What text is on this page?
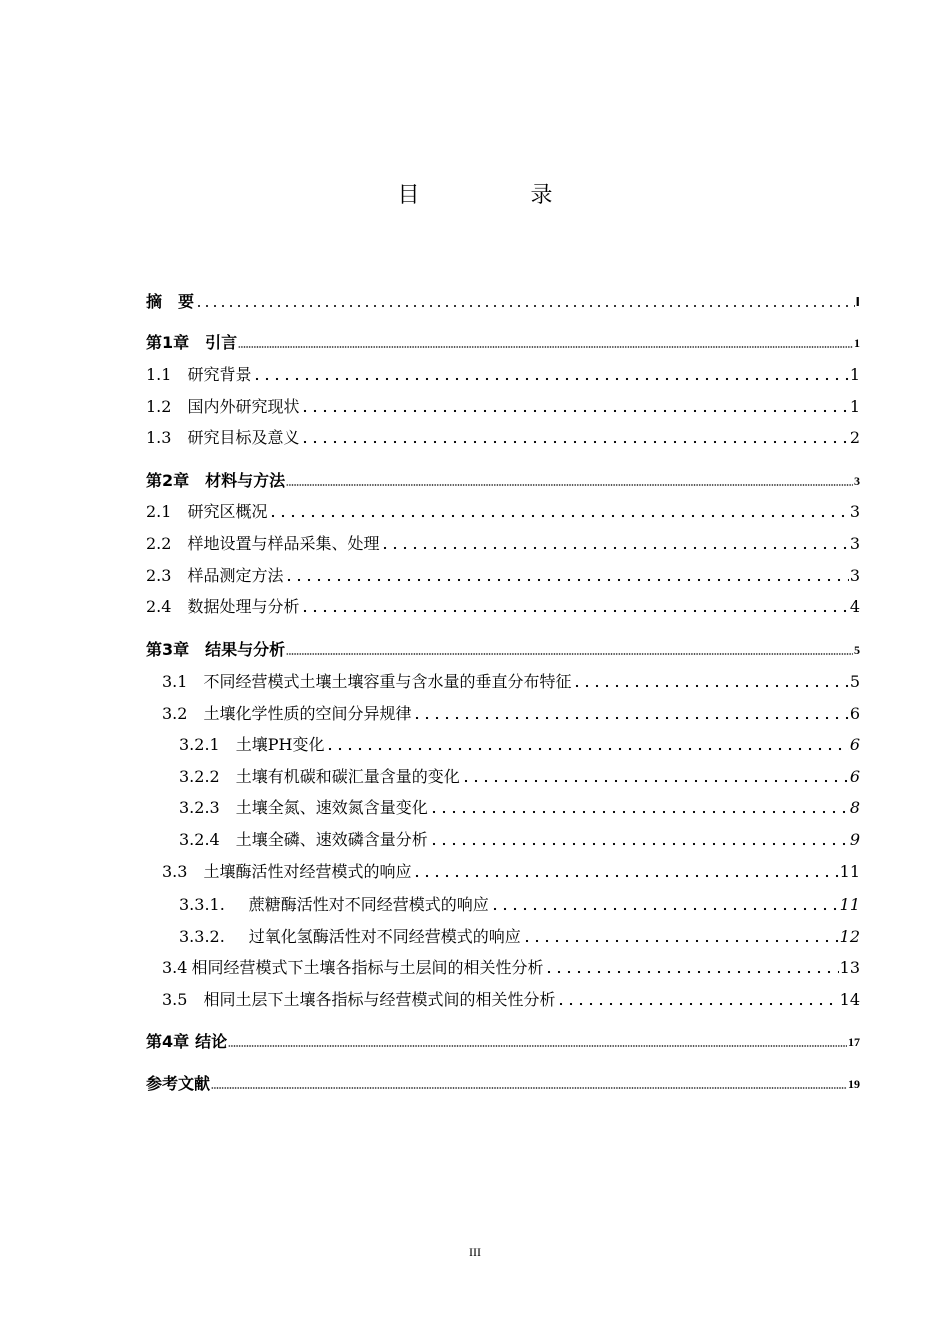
目 录
摘　要	I
第1章 引言	1
1.1 研究背景	1
1.2 国内外研究现状	1
1.3 研究目标及意义	2
第2章 材料与方法	3
2.1 研究区概况	3
2.2 样地设置与样品采集、处理	3
2.3 样品测定方法	3
2.4 数据处理与分析	4
第3章 结果与分析	5
3.1 不同经营模式土壤土壤容重与含水量的垂直分布特征	5
3.2 土壤化学性质的空间分异规律	6
3.2.1 土壤PH变化	6
3.2.2 土壤有机碳和碳汇量含量的变化	6
3.2.3 土壤全氮、速效氮含量变化	8
3.2.4 土壤全磷、速效磷含量分析	9
3.3 土壤酶活性对经营模式的响应	11
3.3.1. 蔗糖酶活性对不同经营模式的响应	11
3.3.2. 过氧化氢酶活性对不同经营模式的响应	12
3.4 相同经营模式下土壤各指标与土层间的相关性分析	13
3.5 相同土层下土壤各指标与经营模式间的相关性分析	14
第4章 结论	17
参考文献	19
III
